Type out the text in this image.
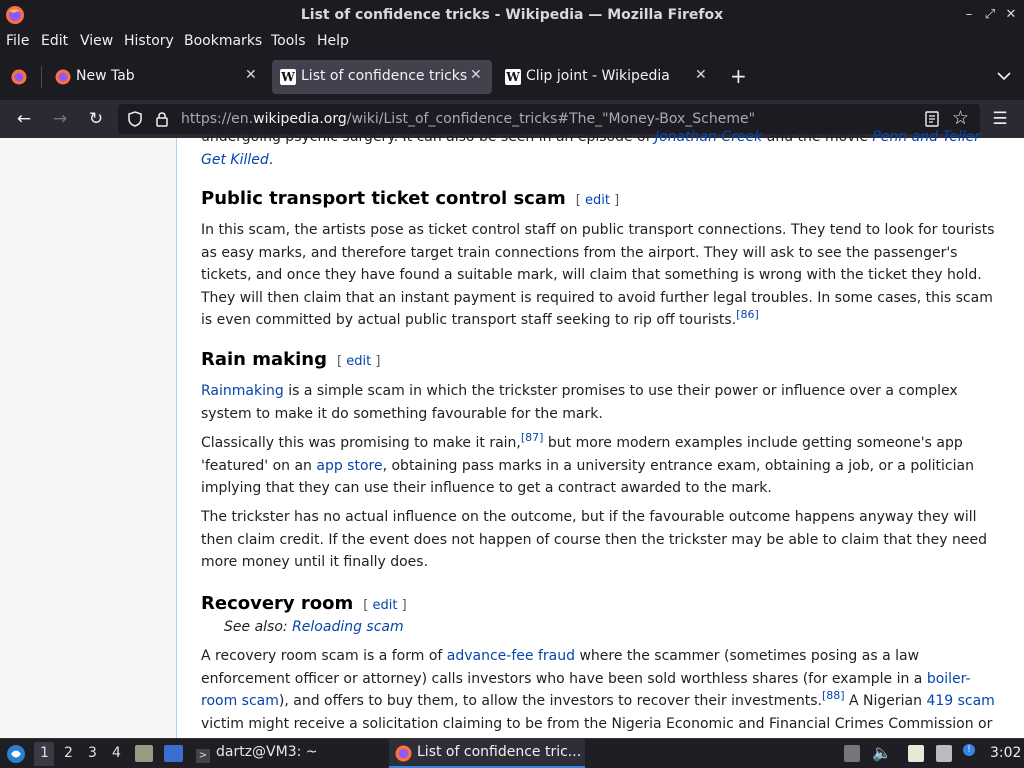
List of confidence tricks - Wikipedia — Mozilla Firefox	– ⤢ ✕
File Edit View History Bookmarks Tools Help
New Tab	✕ W List of confidence tricks ✕ W Clip joint - Wikipedia	✕ +
← → ↻	https://en.wikipedia.org/wiki/List_of_confidence_tricks#The_"Money-Box_Scheme"	☆ ☰

undergoing psychic surgery. It can also be seen in an episode of Jonathan Creek and the movie Penn and Teller
Get Killed.

Public transport ticket control scam [ edit ]

In this scam, the artists pose as ticket control staff on public transport connections. They tend to look for tourists as easy marks, and therefore target train connections from the airport. They will ask to see the passenger's tickets, and once they have found a suitable mark, will claim that something is wrong with the ticket they hold. They will then claim that an instant payment is required to avoid further legal troubles. In some cases, this scam is even committed by actual public transport staff seeking to rip off tourists.[86]

Rain making [ edit ]

Rainmaking is a simple scam in which the trickster promises to use their power or influence over a complex system to make it do something favourable for the mark.

Classically this was promising to make it rain,[87] but more modern examples include getting someone's app 'featured' on an app store, obtaining pass marks in a university entrance exam, obtaining a job, or a politician implying that they can use their influence to get a contract awarded to the mark.

The trickster has no actual influence on the outcome, but if the favourable outcome happens anyway they will then claim credit. If the event does not happen of course then the trickster may be able to claim that they need more money until it finally does.

Recovery room [ edit ]

See also: Reloading scam

A recovery room scam is a form of advance-fee fraud where the scammer (sometimes posing as a law enforcement officer or attorney) calls investors who have been sold worthless shares (for example in a boiler-room scam), and offers to buy them, to allow the investors to recover their investments.[88] A Nigerian 419 scam victim might receive a solicitation claiming to be from the Nigeria Economic and Financial Crimes Commission or

1 2 3 4	> dartz@VM3: ~	List of confidence tric...	🔈	!	3:02
